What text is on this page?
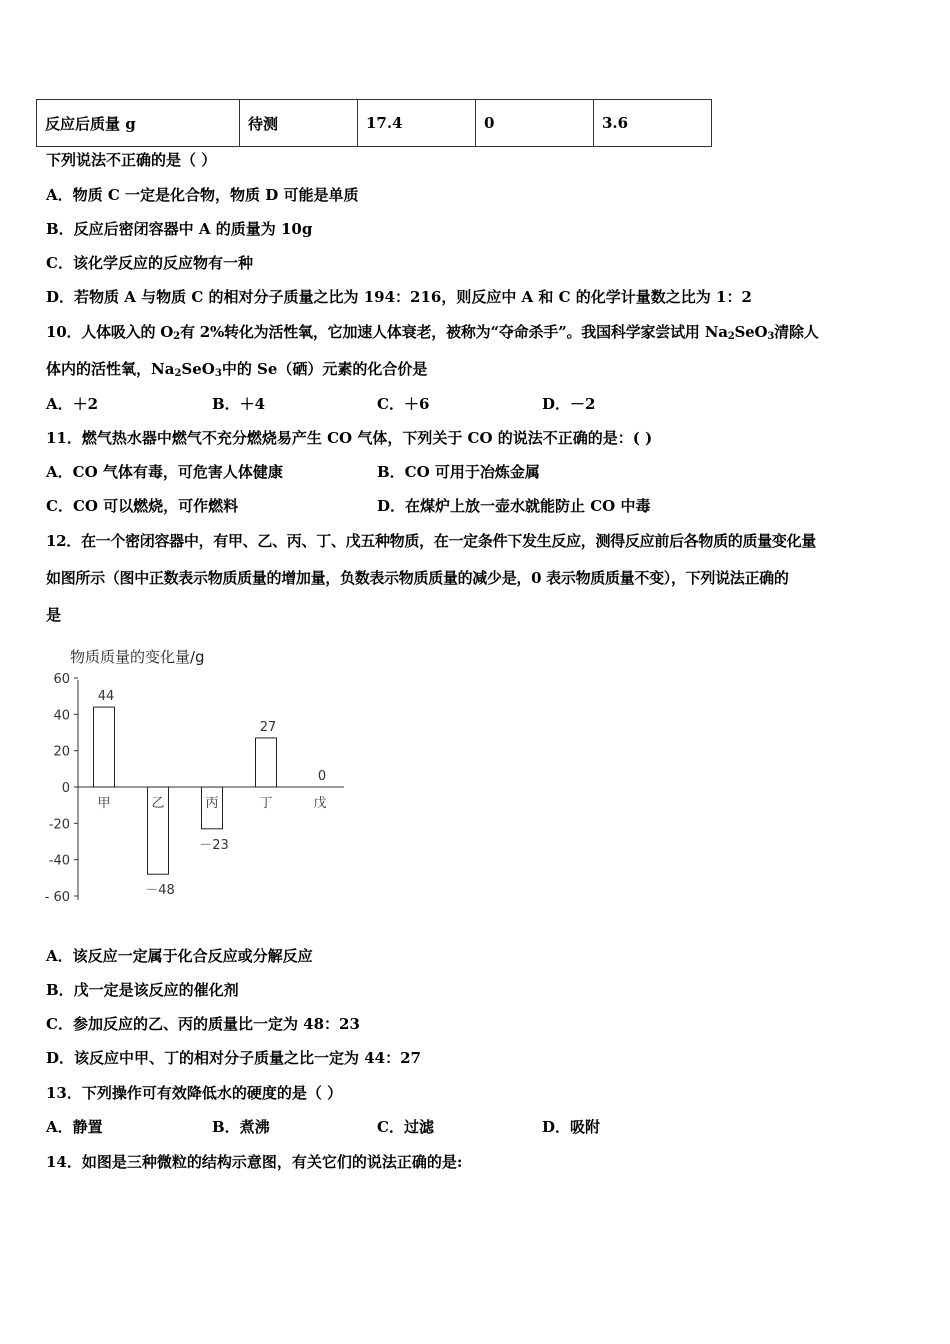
反应后质量 g	待测	17.4	0	3.6
下列说法不正确的是（ ）
A．物质 C 一定是化合物，物质 D 可能是单质
B．反应后密闭容器中 A 的质量为 10g
C．该化学反应的反应物有一种
D．若物质 A 与物质 C 的相对分子质量之比为 194：216，则反应中 A 和 C 的化学计量数之比为 1：2
10．人体吸入的 $O_2$有 2%转化为活性氧，它加速人体衰老，被称为“夺命杀手”。我国科学家尝试用 $Na_2SeO_3$清除人
体内的活性氧，$Na_2SeO_3$中的 Se（硒）元素的化合价是
A．＋2	B．＋4	C．＋6	D．－2
11．燃气热水器中燃气不充分燃烧易产生 CO 气体，下列关于 CO 的说法不正确的是：( )
A．CO 气体有毒，可危害人体健康	B．CO 可用于冶炼金属
C．CO 可以燃烧，可作燃料	D．在煤炉上放一壶水就能防止 CO 中毒
12．在一个密闭容器中，有甲、乙、丙、丁、戊五种物质，在一定条件下发生反应，测得反应前后各物质的质量变化量
如图所示（图中正数表示物质质量的增加量，负数表示物质质量的减少是，0 表示物质质量不变），下列说法正确的
是
物质质量的变化量/g
60
40
20
0
-20
-40
- 60
甲
44
乙
－48
丙
－23
丁
27
戊
0
A．该反应一定属于化合反应或分解反应
B．戊一定是该反应的催化剂
C．参加反应的乙、丙的质量比一定为 48：23
D．该反应中甲、丁的相对分子质量之比一定为 44：27
13．下列操作可有效降低水的硬度的是（ ）
A．静置	B．煮沸	C．过滤	D．吸附
14．如图是三种微粒的结构示意图，有关它们的说法正确的是:
